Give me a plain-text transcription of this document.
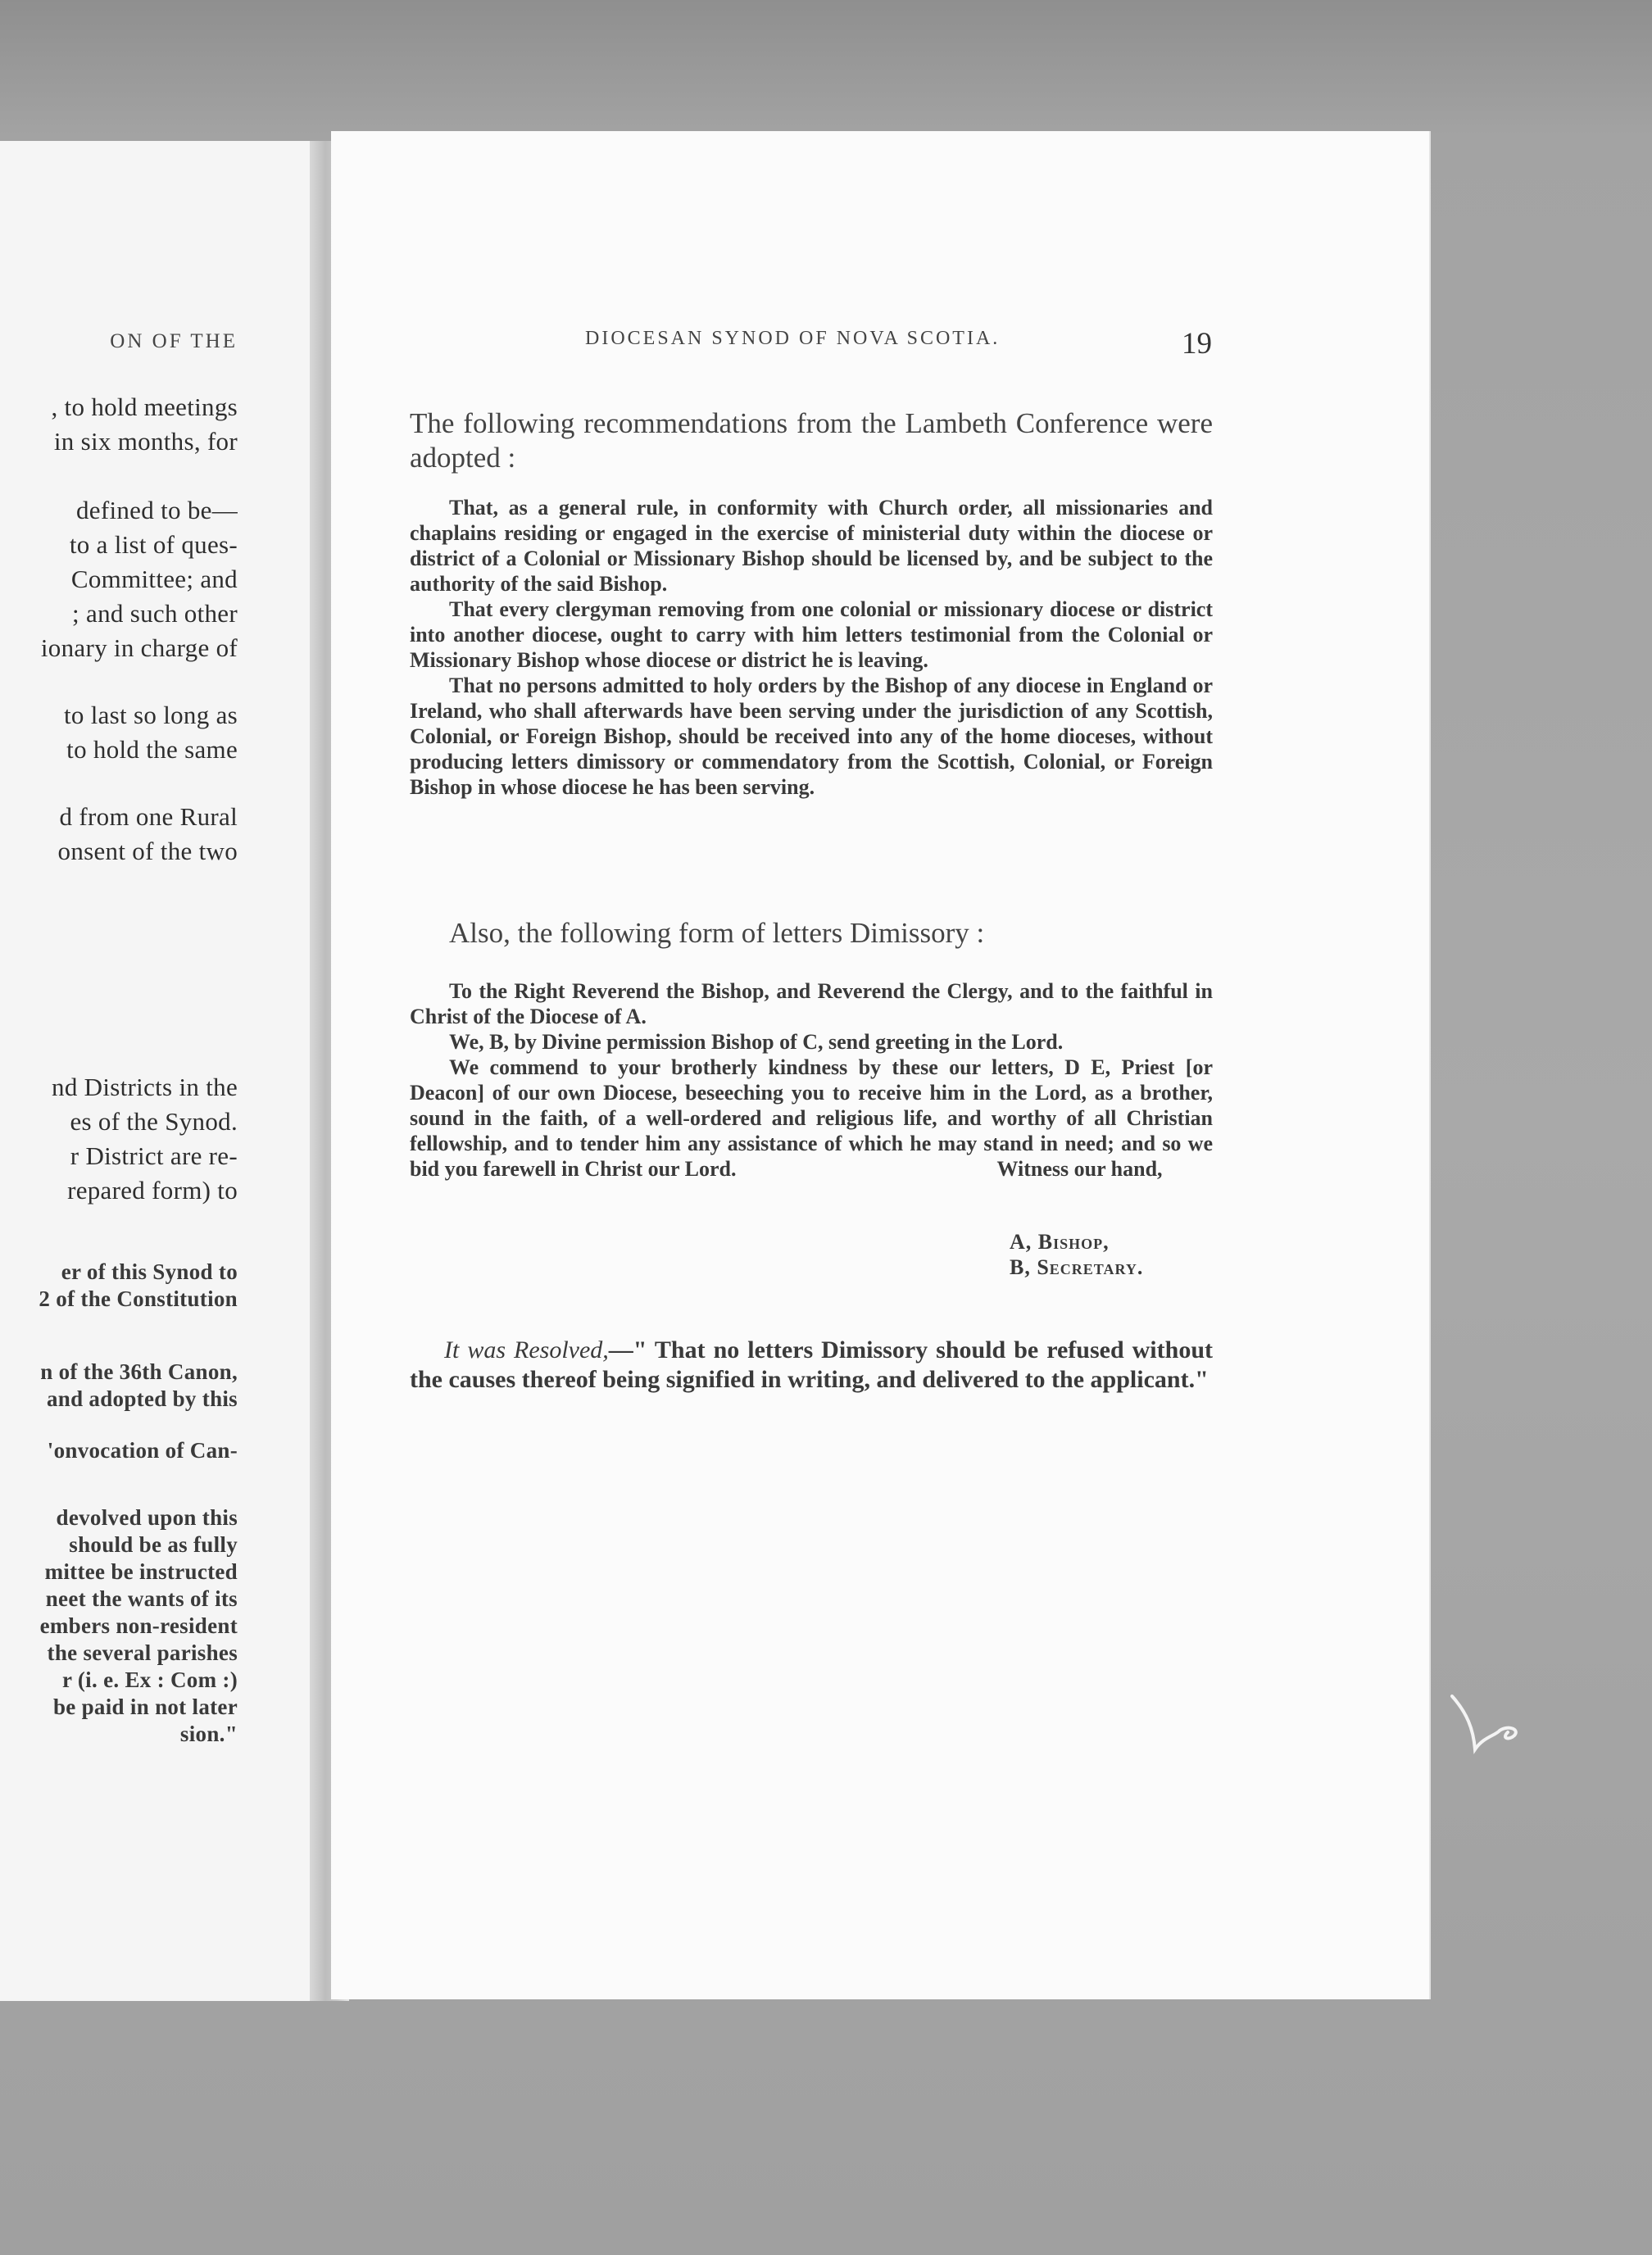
ON OF THE
, to hold meetings
in six months, for
defined to be—
to a list of ques-
Committee; and
; and such other
ionary in charge of
to last so long as
to hold the same
d from one Rural
onsent of the two
nd Districts in the
es of the Synod.
r District are re-
repared form) to
er of this Synod to
2 of the Constitution
n of the 36th Canon,
and adopted by this
'onvocation of Can-
devolved upon this
should be as fully
mittee be instructed
neet the wants of its
embers non-resident
the several parishes
r (i. e. Ex : Com :)
be paid in not later
sion."
DIOCESAN SYNOD OF NOVA SCOTIA.	19
The following recommendations from the Lambeth Conference were adopted :

That, as a general rule, in conformity with Church order, all missionaries and chaplains residing or engaged in the exercise of ministerial duty within the diocese or district of a Colonial or Missionary Bishop should be licensed by, and be subject to the authority of the said Bishop.

That every clergyman removing from one colonial or missionary diocese or district into another diocese, ought to carry with him letters testimonial from the Colonial or Missionary Bishop whose diocese or district he is leaving.

That no persons admitted to holy orders by the Bishop of any diocese in England or Ireland, who shall afterwards have been serving under the jurisdiction of any Scottish, Colonial, or Foreign Bishop, should be received into any of the home dioceses, without producing letters dimissory or commendatory from the Scottish, Colonial, or Foreign Bishop in whose diocese he has been serving.

Also, the following form of letters Dimissory :

To the Right Reverend the Bishop, and Reverend the Clergy, and to the faithful in Christ of the Diocese of A.

We, B, by Divine permission Bishop of C, send greeting in the Lord.

We commend to your brotherly kindness by these our letters, D E, Priest [or Deacon] of our own Diocese, beseeching you to receive him in the Lord, as a brother, sound in the faith, of a well-ordered and religious life, and worthy of all Christian fellowship, and to tender him any assistance of which he may stand in need; and so we bid you farewell in Christ our Lord.	Witness our hand,

A, Bishop,
B, Secretary.
It was Resolved,—" That no letters Dimissory should be refused without the causes thereof being signified in writing, and delivered to the applicant."
